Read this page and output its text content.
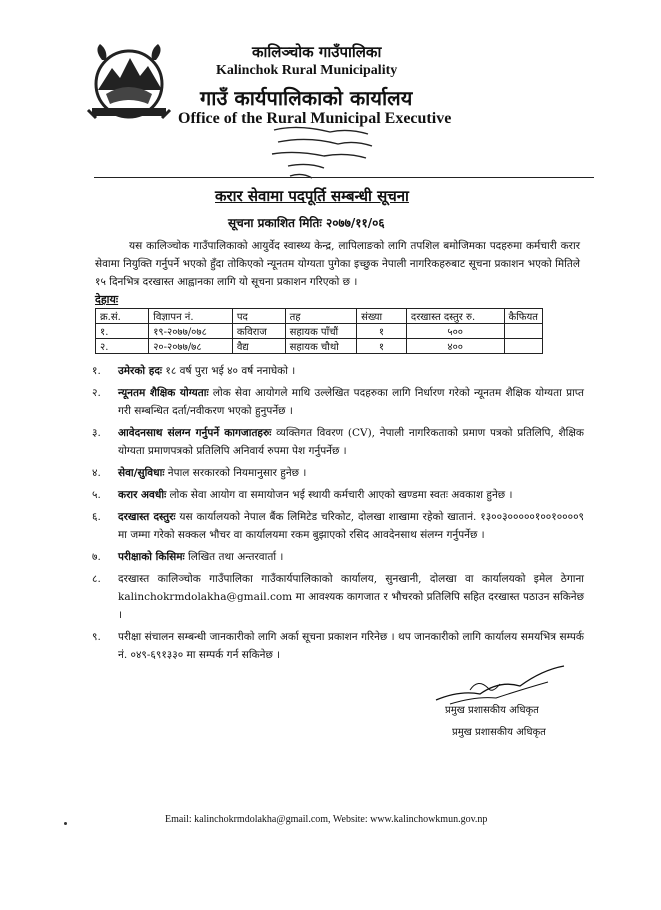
कालिञ्चोक गाउँपालिका
Kalinchok Rural Municipality
गाउँ कार्यपालिकाको कार्यालय
Office of the Rural Municipal Executive
करार सेवामा पदपूर्ति सम्बन्धी सूचना
सूचना प्रकाशित मितिः २०७७/११/०६
यस कालिञ्चोक गाउँपालिकाको आयुर्वेद स्वास्थ्य केन्द्र, लापिलाङको लागि तपशिल बमोजिमका पदहरुमा कर्मचारी करार सेवामा नियुक्ति गर्नुपर्ने भएको हुँदा तोकिएको न्यूनतम योग्यता पुगेका इच्छुक नेपाली नागरिकहरुबाट सूचना प्रकाशन भएको मितिले १५ दिनभित्र दरखास्त आह्वानका लागि यो सूचना प्रकाशन गरिएको छ ।
देहायः
क्र.सं.	विज्ञापन नं.	पद	तह	संख्या	दरखास्त दस्तुर रु.	कैफियत
१.	१९-२०७७/०७८	कविराज	सहायक पाँचौं	१	५००	
२.	२०-२०७७/७८	वैद्य	सहायक चौथो	१	४००	
१. उमेरको हदः १८ वर्ष पुरा भई ४० वर्ष ननाघेको ।
२. न्यूनतम शैक्षिक योग्यताः लोक सेवा आयोगले माथि उल्लेखित पदहरुका लागि निर्धारण गरेको न्यूनतम शैक्षिक योग्यता प्राप्त गरी सम्बन्धित दर्ता/नवीकरण भएको हुनुपर्नेछ ।
३. आवेदनसाथ संलग्न गर्नुपर्ने कागजातहरुः व्यक्तिगत विवरण (CV), नेपाली नागरिकताको प्रमाण पत्रको प्रतिलिपि, शैक्षिक योग्यता प्रमाणपत्रको प्रतिलिपि अनिवार्य रुपमा पेश गर्नुपर्नेछ ।
४. सेवा/सुविधाः नेपाल सरकारको नियमानुसार हुनेछ ।
५. करार अवधीः लोक सेवा आयोग वा समायोजन भई स्थायी कर्मचारी आएको खण्डमा स्वतः अवकाश हुनेछ ।
६. दरखास्त दस्तुरः यस कार्यालयको नेपाल बैंक लिमिटेड चरिकोट, दोलखा शाखामा रहेको खातानं. १३००३०००००१००१००००९ मा जम्मा गरेको सक्कल भौचर वा कार्यालयमा रकम बुझाएको रसिद आवदेनसाथ संलग्न गर्नुपर्नेछ ।
७. परीक्षाको किसिमः लिखित तथा अन्तरवार्ता ।
८. दरखास्त कालिञ्चोक गाउँपालिका गाउँकार्यपालिकाको कार्यालय, सुनखानी, दोलखा वा कार्यालयको इमेल ठेगाना kalinchokrmdolakha@gmail.com मा आवश्यक कागजात र भौचरको प्रतिलिपि सहित दरखास्त पठाउन सकिनेछ ।
९. परीक्षा संचालन सम्बन्धी जानकारीको लागि अर्का सूचना प्रकाशन गरिनेछ । थप जानकारीको लागि कार्यालय समयभित्र सम्पर्क नं. ०४९-६९१३३० मा सम्पर्क गर्न सकिनेछ ।
प्रमुख प्रशासकीय अधिकृत
प्रमुख प्रशासकीय अधिकृत
Email: kalinchokrmdolakha@gmail.com, Website: www.kalinchowkmun.gov.np
